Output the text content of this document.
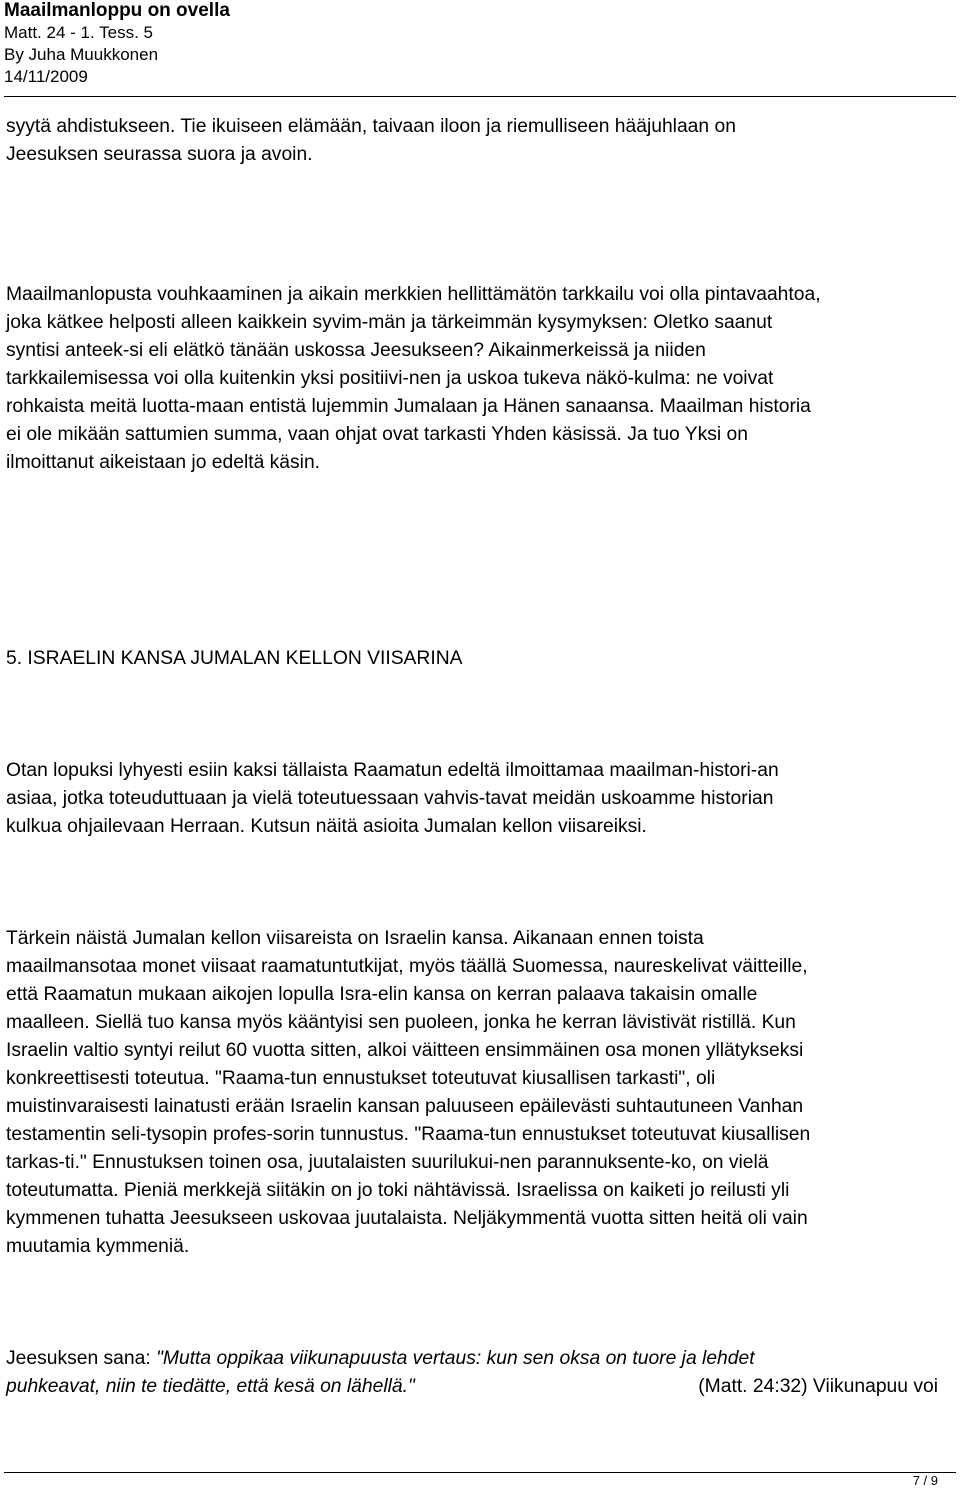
Maailmanloppu on ovella
Matt. 24 - 1. Tess. 5
By Juha Muukkonen
14/11/2009

syytä ahdistukseen. Tie ikuiseen elämään, taivaan iloon ja riemulliseen hääjuhlaan on
Jeesuksen seurassa suora ja avoin.

Maailmanlopusta vouhkaaminen ja aikain merkkien hellittämätön tarkkailu voi olla pintavaahtoa,
joka kätkee helposti alleen kaikkein syvim-män ja tärkeimmän kysymyksen: Oletko saanut
syntisi anteek-si eli elätkö tänään uskossa Jeesukseen? Aikainmerkeissä ja niiden
tarkkailemisessa voi olla kuitenkin yksi positiivi-nen ja uskoa tukeva näkö-kulma: ne voivat
rohkaista meitä luotta-maan entistä lujemmin Jumalaan ja Hänen sanaansa. Maailman historia
ei ole mikään sattumien summa, vaan ohjat ovat tarkasti Yhden käsissä. Ja tuo Yksi on
ilmoittanut aikeistaan jo edeltä käsin.

5. ISRAELIN KANSA JUMALAN KELLON VIISARINA

Otan lopuksi lyhyesti esiin kaksi tällaista Raamatun edeltä ilmoittamaa maailman-histori-an
asiaa, jotka toteuduttuaan ja vielä toteutuessaan vahvis-tavat meidän uskoamme historian
kulkua ohjailevaan Herraan. Kutsun näitä asioita Jumalan kellon viisareiksi.

Tärkein näistä Jumalan kellon viisareista on Israelin kansa. Aikanaan ennen toista
maailmansotaa monet viisaat raamatuntutkijat, myös täällä Suomessa, naureskelivat väitteille,
että Raamatun mukaan aikojen lopulla Isra-elin kansa on kerran palaava takaisin omalle
maalleen. Siellä tuo kansa myös kääntyisi sen puoleen, jonka he kerran lävistivät ristillä. Kun
Israelin valtio syntyi reilut 60 vuotta sitten, alkoi väitteen ensimmäinen osa monen yllätykseksi
konkreettisesti toteutua. "Raama-tun ennustukset toteutuvat kiusallisen tarkasti", oli
muistinvaraisesti lainatusti erään Israelin kansan paluuseen epäilevästi suhtautuneen Vanhan
testamentin seli-tysopin profes-sorin tunnustus. "Raama-tun ennustukset toteutuvat kiusallisen
tarkas-ti." Ennustuksen toinen osa, juutalaisten suurilukui-nen parannuksente-ko, on vielä
toteutumatta. Pieniä merkkejä siitäkin on jo toki nähtävissä. Israelissa on kaiketi jo reilusti yli
kymmenen tuhatta Jeesukseen uskovaa juutalaista. Neljäkymmentä vuotta sitten heitä oli vain
muutamia kymmeniä.

Jeesuksen sana: "Mutta oppikaa viikunapuusta vertaus: kun sen oksa on tuore ja lehdet
puhkeavat, niin te tiedätte, että kesä on lähellä."	(Matt. 24:32) Viikunapuu voi

7 / 9
